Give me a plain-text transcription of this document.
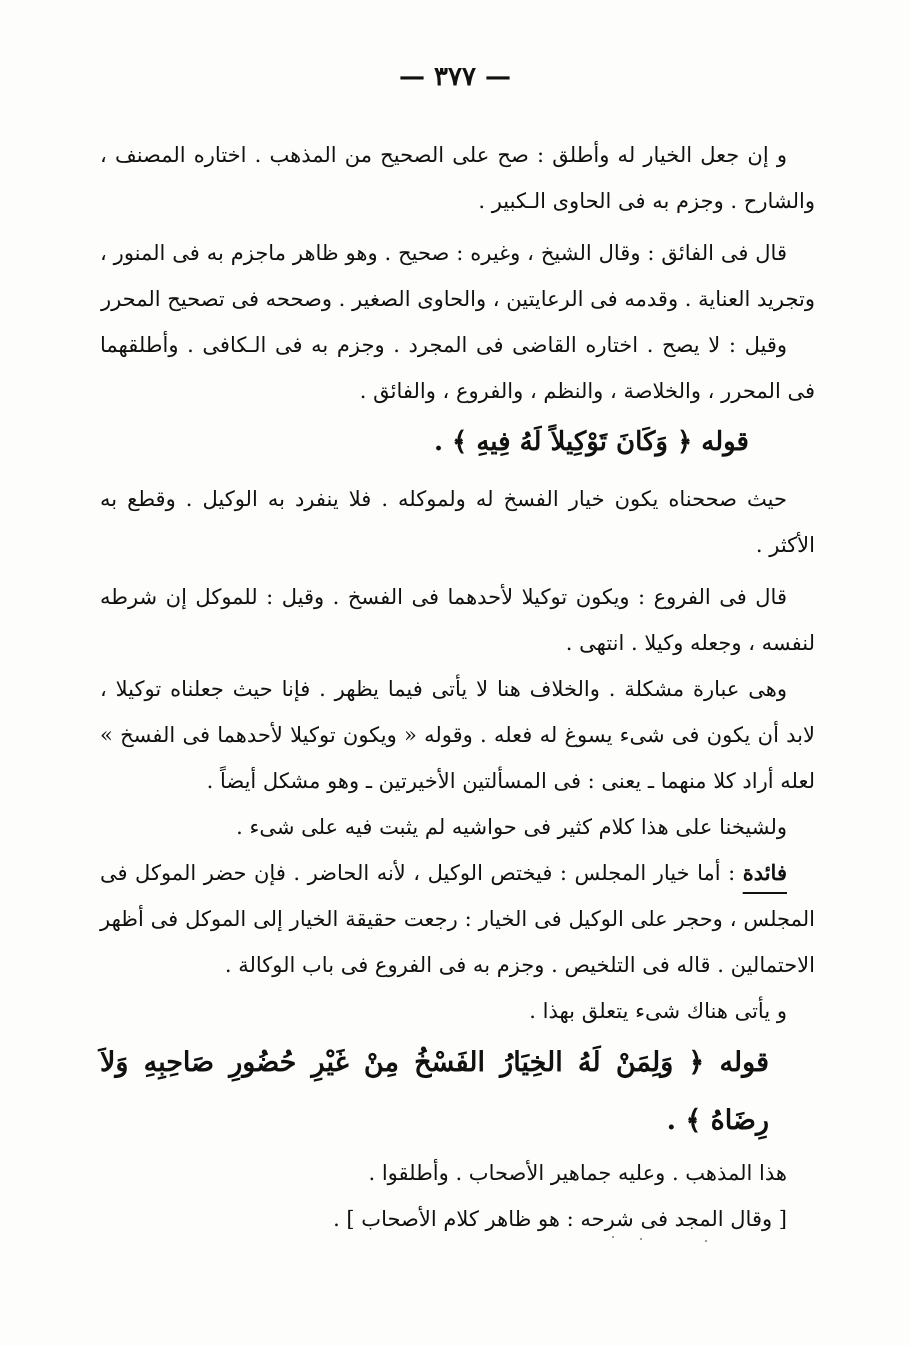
— ٣٧٧ —

و إن جعل الخيار له وأطلق : صح على الصحيح من المذهب . اختاره المصنف ، والشارح . وجزم به فى الحاوى الـكبير .

قال فى الفائق : وقال الشيخ ، وغيره : صحيح . وهو ظاهر ماجزم به فى المنور ، وتجريد العناية . وقدمه فى الرعايتين ، والحاوى الصغير . وصححه فى تصحيح المحرر

وقيل : لا يصح . اختاره القاضى فى المجرد . وجزم به فى الـكافى . وأطلقهما فى المحرر ، والخلاصة ، والنظم ، والفروع ، والفائق .

قوله ﴿ وَكَانَ تَوْكِيلاً لَهُ فِيهِ ﴾ .

حيث صححناه يكون خيار الفسخ له ولموكله . فلا ينفرد به الوكيل . وقطع به الأكثر .

قال فى الفروع : ويكون توكيلا لأحدهما فى الفسخ . وقيل : للموكل إن شرطه لنفسه ، وجعله وكيلا . انتهى .

وهى عبارة مشكلة . والخلاف هنا لا يأتى فيما يظهر . فإنا حيث جعلناه توكيلا ، لابد أن يكون فى شىء يسوغ له فعله . وقوله « ويكون توكيلا لأحدهما فى الفسخ » لعله أراد كلا منهما ـ يعنى : فى المسألتين الأخيرتين ـ وهو مشكل أيضاً .

ولشيخنا على هذا كلام كثير فى حواشيه لم يثبت فيه على شىء .

فائدة : أما خيار المجلس : فيختص الوكيل ، لأنه الحاضر . فإن حضر الموكل فى المجلس ، وحجر على الوكيل فى الخيار : رجعت حقيقة الخيار إلى الموكل فى أظهر الاحتمالين . قاله فى التلخيص . وجزم به فى الفروع فى باب الوكالة .

و يأتى هناك شىء يتعلق بهذا .

قوله ﴿ وَلِمَنْ لَهُ الخِيَارُ الفَسْخُ مِنْ غَيْرِ حُضُورِ صَاحِبِهِ وَلاَ رِضَاهُ ﴾ .

هذا المذهب . وعليه جماهير الأصحاب . وأطلقوا .

[ وقال المجد فى شرحه : هو ظاهر كلام الأصحاب ] .
